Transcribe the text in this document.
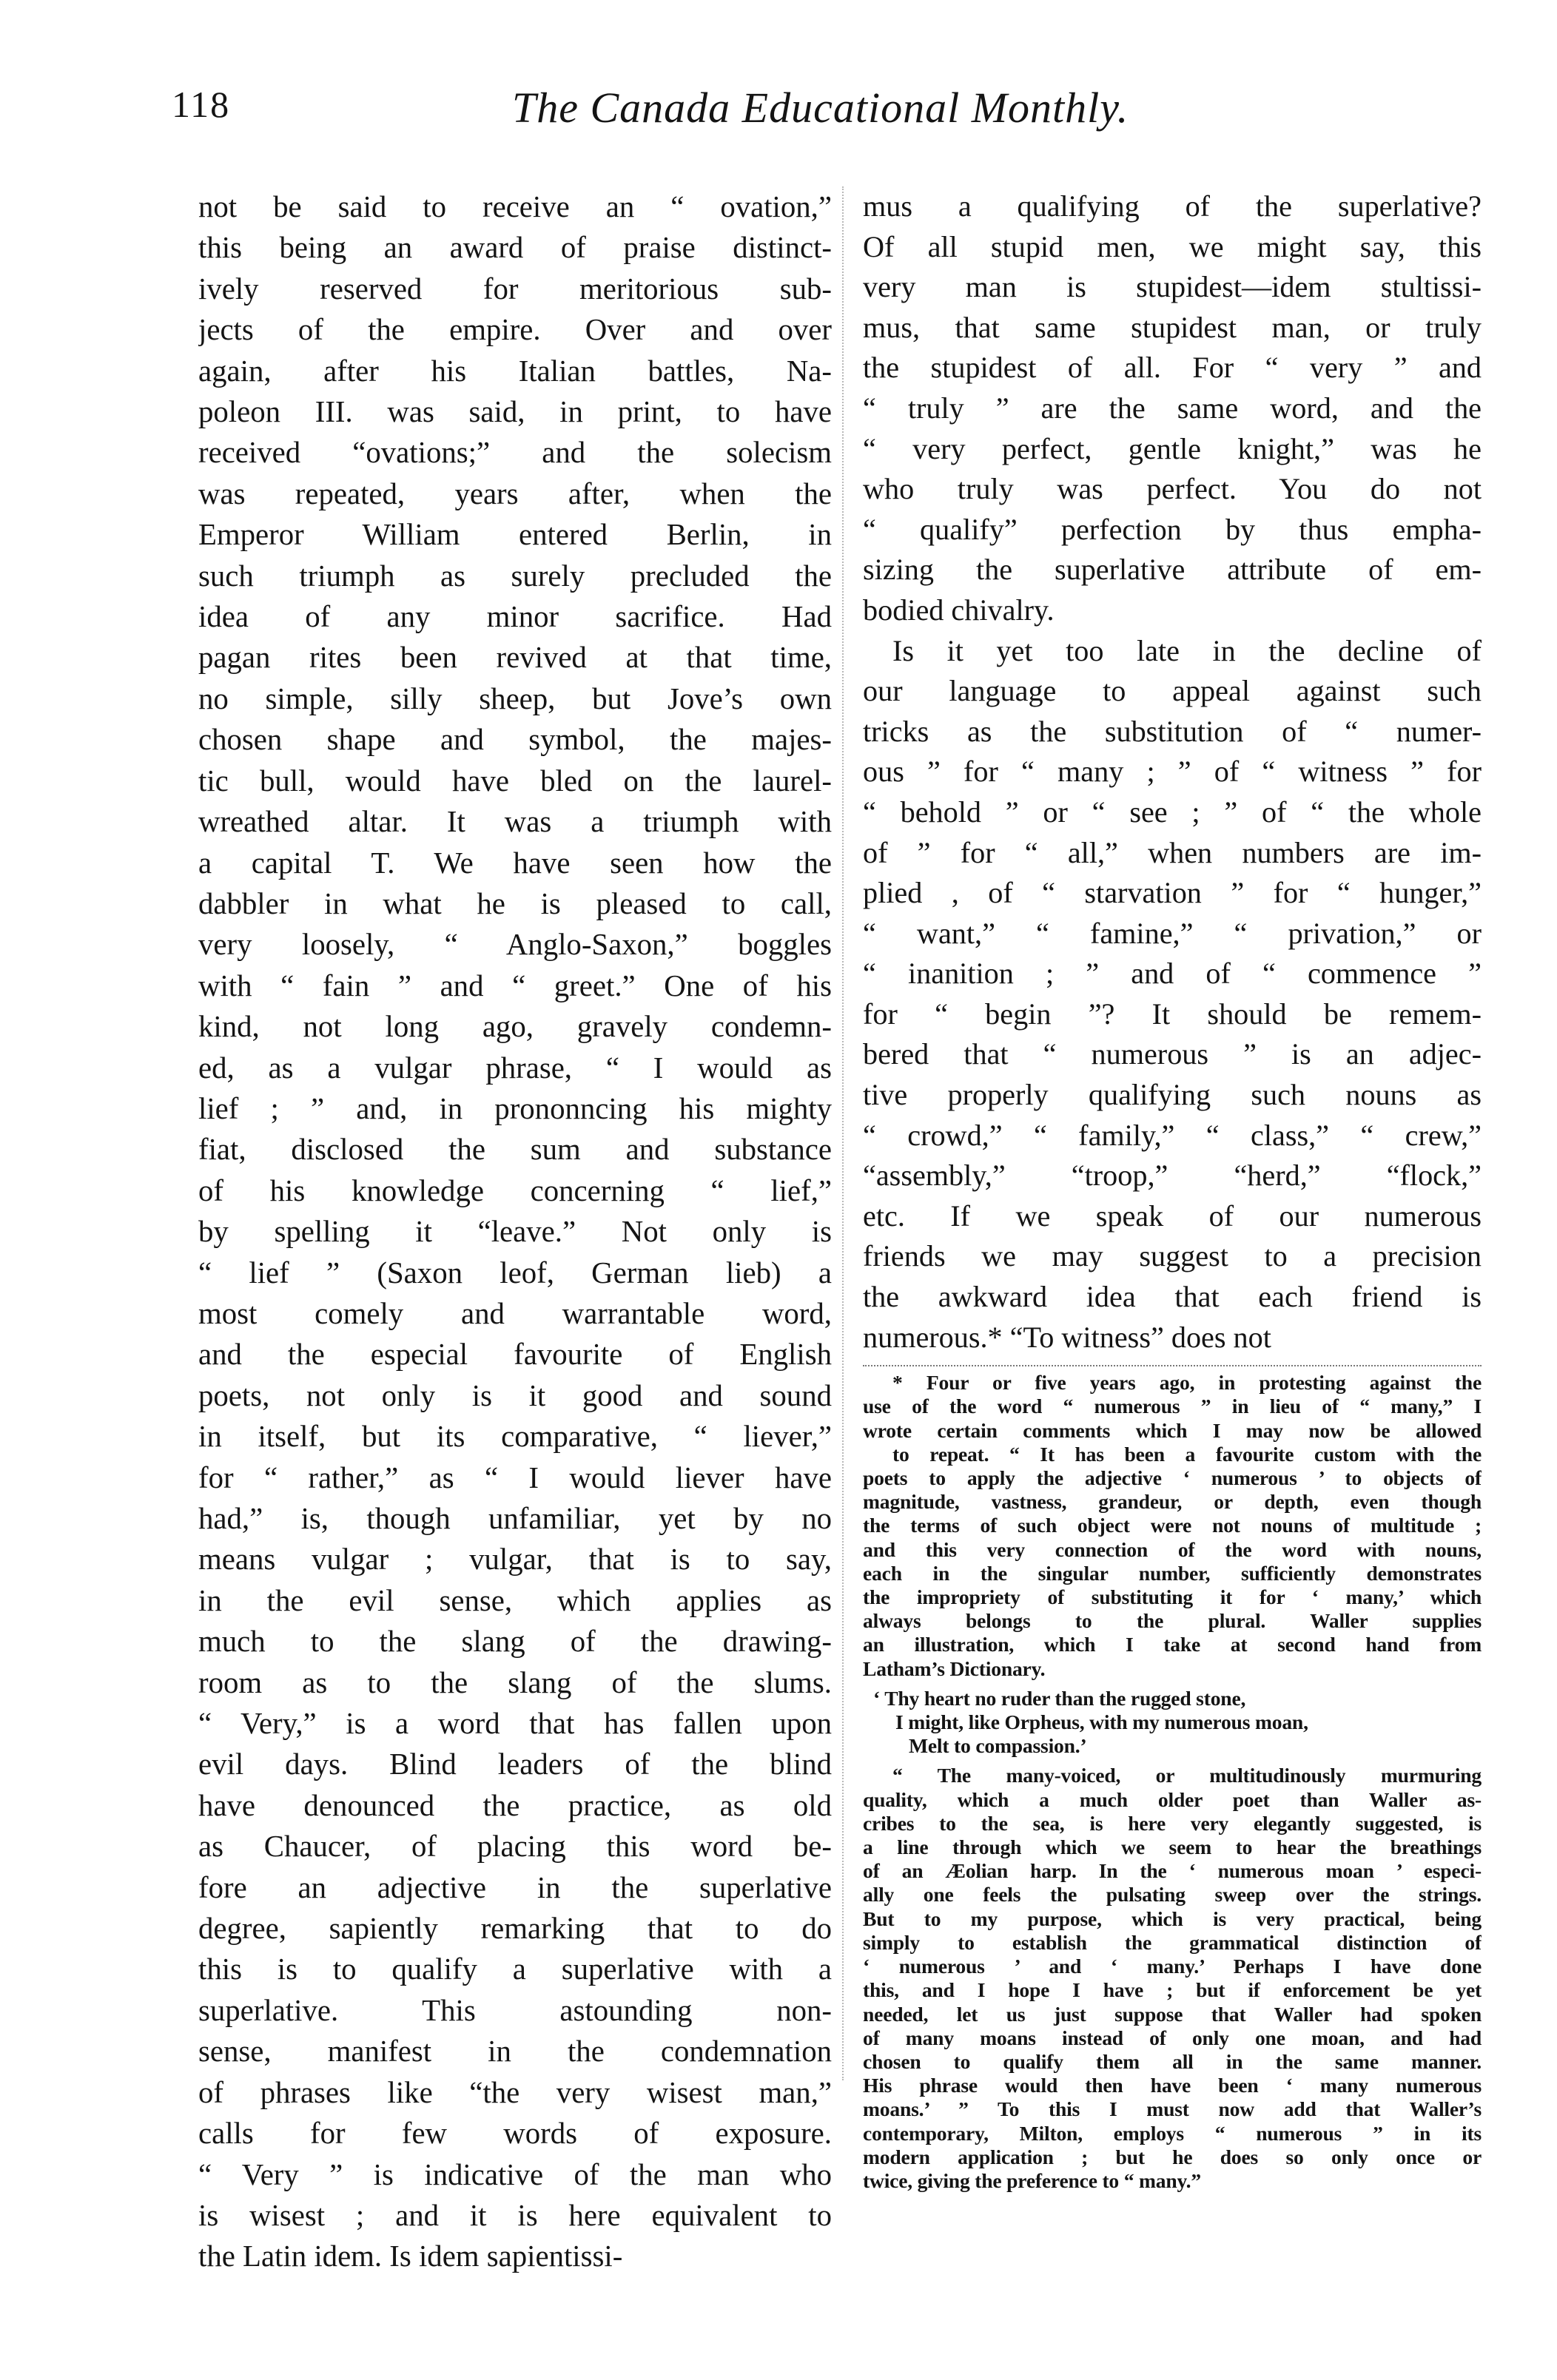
118	The Canada Educational Monthly.
not be said to receive an “ ovation,”
this being an award of praise distinct-
ively reserved for meritorious sub-
jects of the empire. Over and over
again, after his Italian battles, Na-
poleon III. was said, in print, to have
received “ovations;” and the solecism
was repeated, years after, when the
Emperor William entered Berlin, in
such triumph as surely precluded the
idea of any minor sacrifice. Had
pagan rites been revived at that time,
no simple, silly sheep, but Jove’s own
chosen shape and symbol, the majes-
tic bull, would have bled on the laurel-
wreathed altar. It was a triumph with
a capital T. We have seen how the
dabbler in what he is pleased to call,
very loosely, “ Anglo-Saxon,” boggles
with “ fain ” and “ greet.” One of his
kind, not long ago, gravely condemn-
ed, as a vulgar phrase, “ I would as
lief ; ” and, in prononncing his mighty
fiat, disclosed the sum and substance
of his knowledge concerning “ lief,”
by spelling it “leave.” Not only is
“ lief ” (Saxon leof, German lieb) a
most comely and warrantable word,
and the especial favourite of English
poets, not only is it good and sound
in itself, but its comparative, “ liever,”
for “ rather,” as “ I would liever have
had,” is, though unfamiliar, yet by no
means vulgar ; vulgar, that is to say,
in the evil sense, which applies as
much to the slang of the drawing-
room as to the slang of the slums.
“ Very,” is a word that has fallen upon
evil days. Blind leaders of the blind
have denounced the practice, as old
as Chaucer, of placing this word be-
fore an adjective in the superlative
degree, sapiently remarking that to do
this is to qualify a superlative with a
superlative. This astounding non-
sense, manifest in the condemnation
of phrases like “the very wisest man,”
calls for few words of exposure.
“ Very ” is indicative of the man who
is wisest ; and it is here equivalent to
the Latin idem. Is idem sapientissi-
mus a qualifying of the superlative?
Of all stupid men, we might say, this
very man is stupidest—idem stultissi-
mus, that same stupidest man, or truly
the stupidest of all. For “ very ” and
“ truly ” are the same word, and the
“ very perfect, gentle knight,” was he
who truly was perfect. You do not
“ qualify” perfection by thus empha-
sizing the superlative attribute of em-
bodied chivalry.
Is it yet too late in the decline of
our language to appeal against such
tricks as the substitution of “ numer-
ous ” for “ many ; ” of “ witness ” for
“ behold ” or “ see ; ” of “ the whole
of ” for “ all,” when numbers are im-
plied , of “ starvation ” for “ hunger,”
“ want,” “ famine,” “ privation,” or
“ inanition ; ” and of “ commence ”
for “ begin ”? It should be remem-
bered that “ numerous ” is an adjec-
tive properly qualifying such nouns as
“ crowd,” “ family,” “ class,” “ crew,”
“assembly,” “troop,” “herd,” “flock,”
etc. If we speak of our numerous
friends we may suggest to a precision
the awkward idea that each friend is
numerous.* “To witness” does not
* Four or five years ago, in protesting against the
use of the word “ numerous ” in lieu of “ many,” I
wrote certain comments which I may now be allowed
to repeat. “ It has been a favourite custom with the
poets to apply the adjective ‘ numerous ’ to objects of
magnitude, vastness, grandeur, or depth, even though
the terms of such object were not nouns of multitude ;
and this very connection of the word with nouns,
each in the singular number, sufficiently demonstrates
the impropriety of substituting it for ‘ many,’ which
always belongs to the plural. Waller supplies
an illustration, which I take at second hand from
Latham’s Dictionary.
‘ Thy heart no ruder than the rugged stone,
I might, like Orpheus, with my numerous moan,
Melt to compassion.’
“ The many-voiced, or multitudinously murmuring
quality, which a much older poet than Waller as-
cribes to the sea, is here very elegantly suggested, is
a line through which we seem to hear the breathings
of an Æolian harp. In the ‘ numerous moan ’ especi-
ally one feels the pulsating sweep over the strings.
But to my purpose, which is very practical, being
simply to establish the grammatical distinction of
‘ numerous ’ and ‘ many.’ Perhaps I have done
this, and I hope I have ; but if enforcement be yet
needed, let us just suppose that Waller had spoken
of many moans instead of only one moan, and had
chosen to qualify them all in the same manner.
His phrase would then have been ‘ many numerous
moans.’ ” To this I must now add that Waller’s
contemporary, Milton, employs “ numerous ” in its
modern application ; but he does so only once or
twice, giving the preference to “ many.”
